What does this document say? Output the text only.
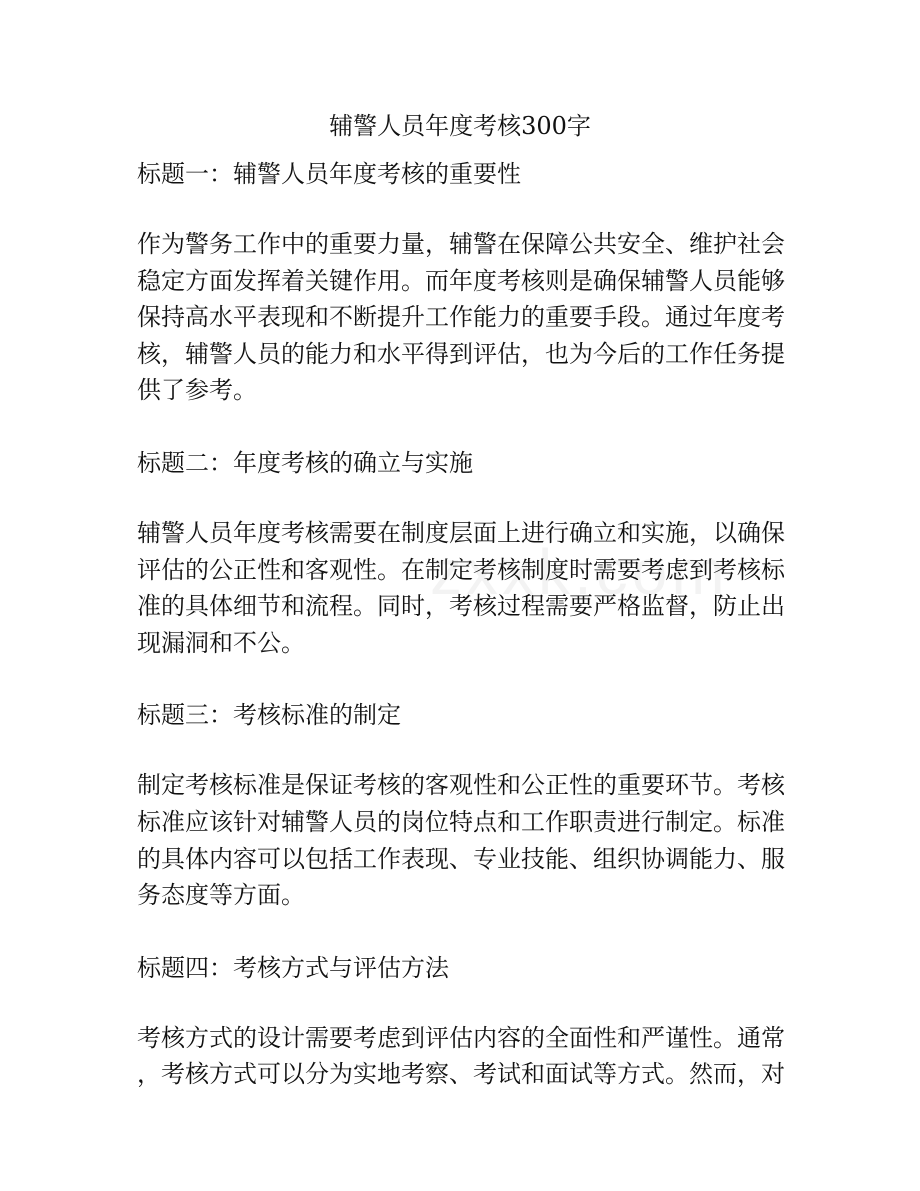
辅警人员年度考核300字
标题一：辅警人员年度考核的重要性

作为警务工作中的重要力量，辅警在保障公共安全、维护社会
稳定方面发挥着关键作用。而年度考核则是确保辅警人员能够
保持高水平表现和不断提升工作能力的重要手段。通过年度考
核，辅警人员的能力和水平得到评估，也为今后的工作任务提
供了参考。

标题二：年度考核的确立与实施

辅警人员年度考核需要在制度层面上进行确立和实施，以确保
评估的公正性和客观性。在制定考核制度时需要考虑到考核标
准的具体细节和流程。同时，考核过程需要严格监督，防止出
现漏洞和不公。

标题三：考核标准的制定

制定考核标准是保证考核的客观性和公正性的重要环节。考核
标准应该针对辅警人员的岗位特点和工作职责进行制定。标准
的具体内容可以包括工作表现、专业技能、组织协调能力、服
务态度等方面。

标题四：考核方式与评估方法

考核方式的设计需要考虑到评估内容的全面性和严谨性。通常
，考核方式可以分为实地考察、考试和面试等方式。然而，对
